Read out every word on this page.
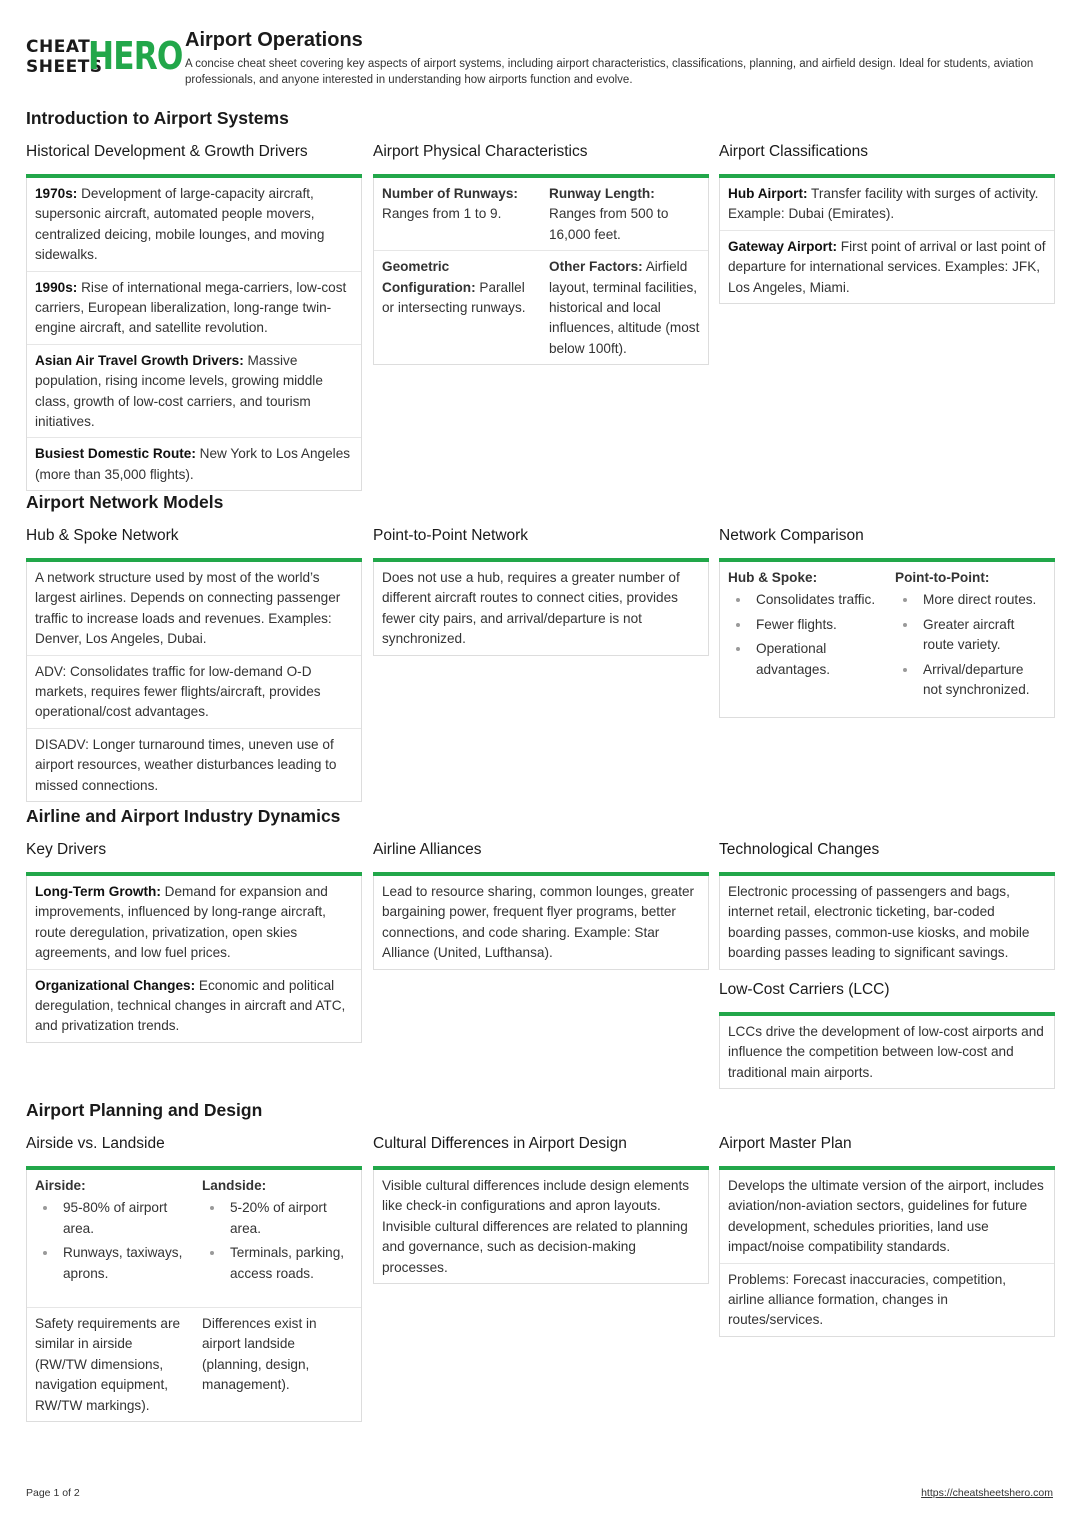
CHEAT
SHEETS
HERO Airport Operations
A concise cheat sheet covering key aspects of airport systems, including airport characteristics, classifications, planning, and airfield design. Ideal for students, aviation professionals, and anyone interested in understanding how airports function and evolve.
Introduction to Airport Systems
Historical Development & Growth Drivers
1970s: Development of large-capacity aircraft, supersonic aircraft, automated people movers, centralized deicing, mobile lounges, and moving sidewalks.
1990s: Rise of international mega-carriers, low-cost carriers, European liberalization, long-range twin-engine aircraft, and satellite revolution.
Asian Air Travel Growth Drivers: Massive population, rising income levels, growing middle class, growth of low-cost carriers, and tourism initiatives.
Busiest Domestic Route: New York to Los Angeles (more than 35,000 flights).
Airport Physical Characteristics
Number of Runways: Ranges from 1 to 9.
Runway Length: Ranges from 500 to 16,000 feet.
Geometric Configuration: Parallel or intersecting runways.
Other Factors: Airfield layout, terminal facilities, historical and local influences, altitude (most below 100ft).
Airport Classifications
Hub Airport: Transfer facility with surges of activity. Example: Dubai (Emirates).
Gateway Airport: First point of arrival or last point of departure for international services. Examples: JFK, Los Angeles, Miami.
Airport Network Models
Hub & Spoke Network
A network structure used by most of the world’s largest airlines. Depends on connecting passenger traffic to increase loads and revenues. Examples: Denver, Los Angeles, Dubai.
ADV: Consolidates traffic for low-demand O-D markets, requires fewer flights/aircraft, provides operational/cost advantages.
DISADV: Longer turnaround times, uneven use of airport resources, weather disturbances leading to missed connections.
Point-to-Point Network
Does not use a hub, requires a greater number of different aircraft routes to connect cities, provides fewer city pairs, and arrival/departure is not synchronized.
Network Comparison
Hub & Spoke:
Consolidates traffic.
Fewer flights.
Operational advantages.
Point-to-Point:
More direct routes.
Greater aircraft route variety.
Arrival/departure not synchronized.
Airline and Airport Industry Dynamics
Key Drivers
Long-Term Growth: Demand for expansion and improvements, influenced by long-range aircraft, route deregulation, privatization, open skies agreements, and low fuel prices.
Organizational Changes: Economic and political deregulation, technical changes in aircraft and ATC, and privatization trends.
Airline Alliances
Lead to resource sharing, common lounges, greater bargaining power, frequent flyer programs, better connections, and code sharing. Example: Star Alliance (United, Lufthansa).
Technological Changes
Electronic processing of passengers and bags, internet retail, electronic ticketing, bar-coded boarding passes, common-use kiosks, and mobile boarding passes leading to significant savings.
Low-Cost Carriers (LCC)
LCCs drive the development of low-cost airports and influence the competition between low-cost and traditional main airports.
Airport Planning and Design
Airside vs. Landside
Airside:
95-80% of airport area.
Runways, taxiways, aprons.
Landside:
5-20% of airport area.
Terminals, parking, access roads.
Safety requirements are similar in airside (RW/TW dimensions, navigation equipment, RW/TW markings).
Differences exist in airport landside (planning, design, management).
Cultural Differences in Airport Design
Visible cultural differences include design elements like check-in configurations and apron layouts. Invisible cultural differences are related to planning and governance, such as decision-making processes.
Airport Master Plan
Develops the ultimate version of the airport, includes aviation/non-aviation sectors, guidelines for future development, schedules priorities, land use impact/noise compatibility standards.
Problems: Forecast inaccuracies, competition, airline alliance formation, changes in routes/services.
Page 1 of 2	https://cheatsheetshero.com
